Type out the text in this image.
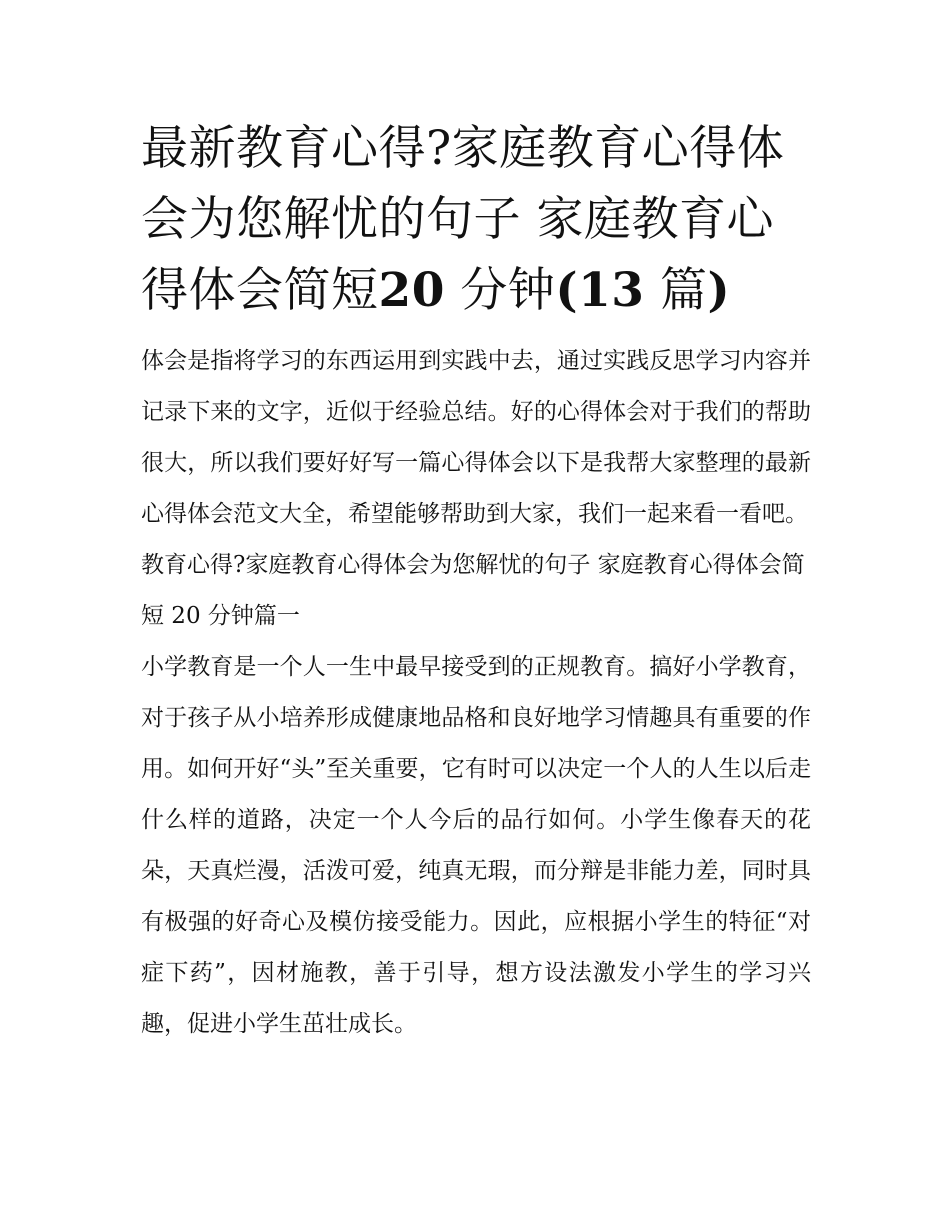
最新教育心得?家庭教育心得体会为您解忧的句子 家庭教育心得体会简短20 分钟(13 篇)

体会是指将学习的东西运用到实践中去，通过实践反思学习内容并记录下来的文字，近似于经验总结。好的心得体会对于我们的帮助很大，所以我们要好好写一篇心得体会以下是我帮大家整理的最新心得体会范文大全，希望能够帮助到大家，我们一起来看一看吧。

教育心得?家庭教育心得体会为您解忧的句子 家庭教育心得体会简短 20 分钟篇一

小学教育是一个人一生中最早接受到的正规教育。搞好小学教育，对于孩子从小培养形成健康地品格和良好地学习情趣具有重要的作用。如何开好“头”至关重要，它有时可以决定一个人的人生以后走什么样的道路，决定一个人今后的品行如何。小学生像春天的花朵，天真烂漫，活泼可爱，纯真无瑕，而分辩是非能力差，同时具有极强的好奇心及模仿接受能力。因此，应根据小学生的特征“对症下药”，因材施教，善于引导，想方设法激发小学生的学习兴趣，促进小学生茁壮成长。
